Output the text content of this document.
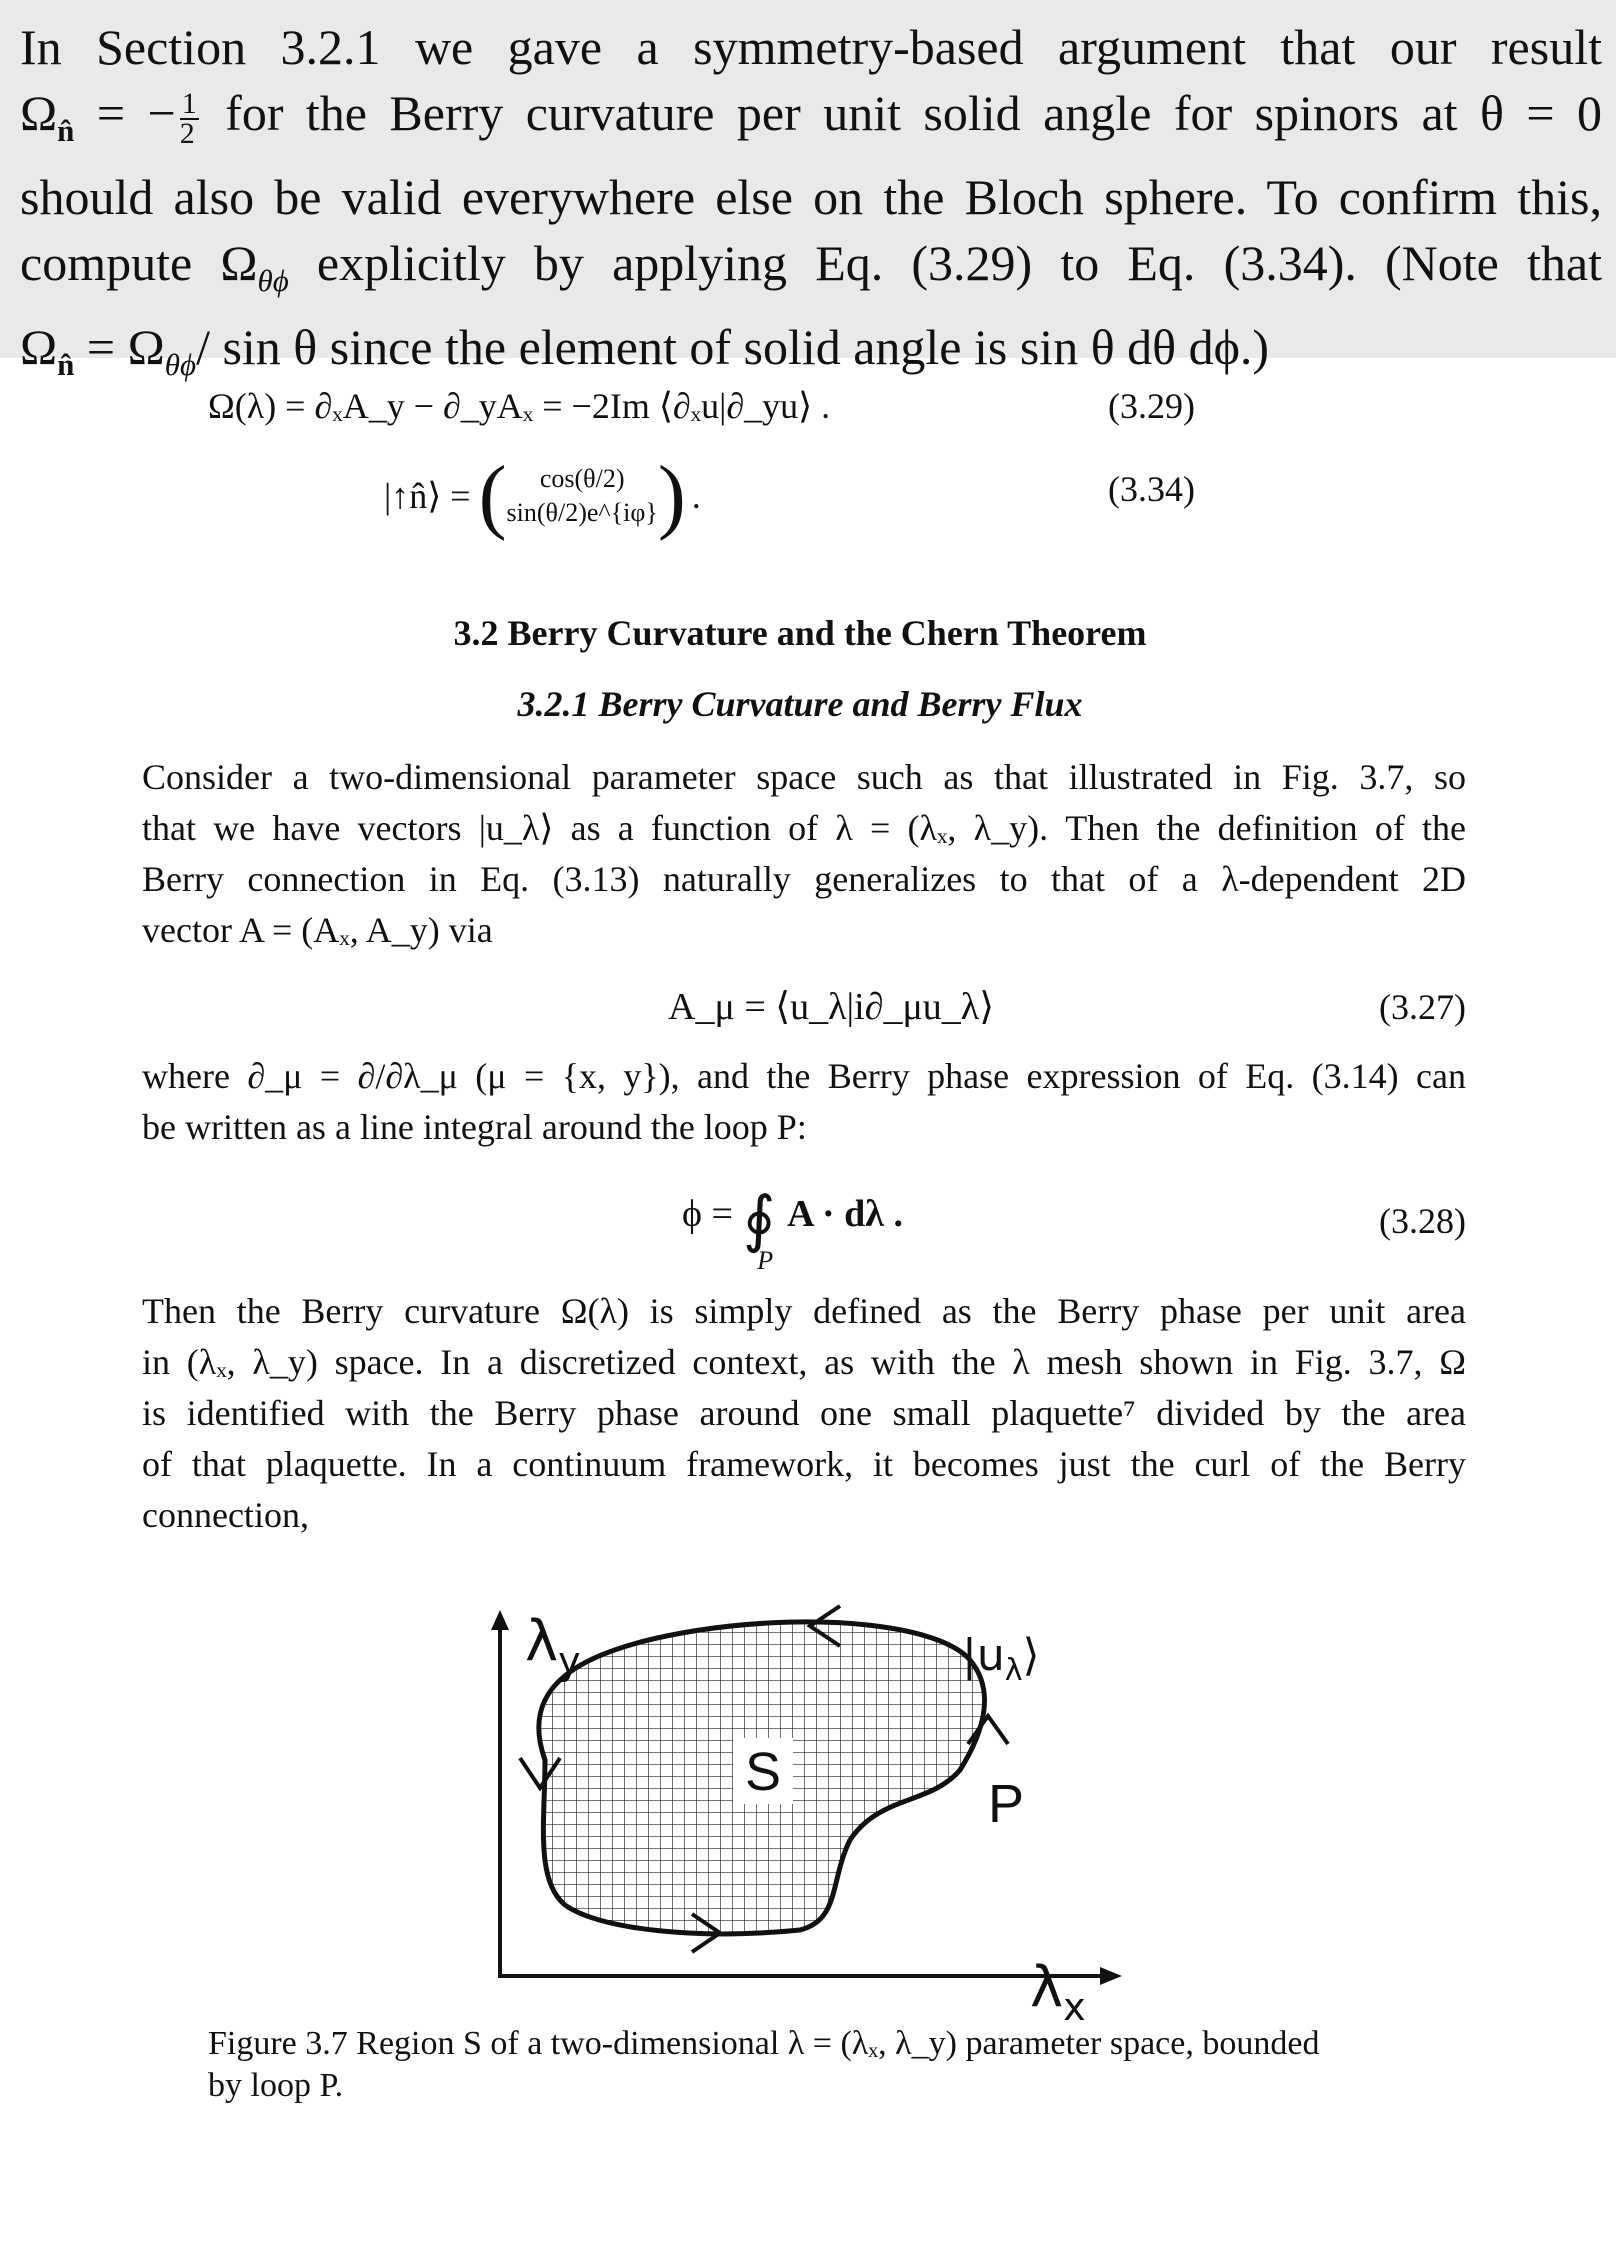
In Section 3.2.1 we gave a symmetry-based argument that our result
$\Omega_{n̂}$ = − $\frac{1}{2}$ for the Berry curvature per unit solid angle for spinors at θ = 0
should also be valid everywhere else on the Bloch sphere. To confirm this,
compute $\Omega_{\theta\phi}$ explicitly by applying Eq. (3.29) to Eq. (3.34). (Note that
$\Omega_{n̂} = \Omega_{\theta\phi}/$ sin θ since the element of solid angle is sin θ dθ dϕ.)
Ω(λ) = ∂ₓA_y − ∂_yAₓ = −2Im ⟨∂ₓu|∂_yu⟩ .	(3.29)
|↑n̂⟩ = (	cos(θ/2)
sin(θ/2)e^{iφ} ) .	(3.34)
3.2 Berry Curvature and the Chern Theorem
3.2.1 Berry Curvature and Berry Flux
Consider a two-dimensional parameter space such as that illustrated in Fig. 3.7, so
that we have vectors |u_λ⟩ as a function of λ = (λₓ, λ_y). Then the definition of the
Berry connection in Eq. (3.13) naturally generalizes to that of a λ-dependent 2D
vector A = (Aₓ, A_y) via
A_μ = ⟨u_λ|i∂_μu_λ⟩	(3.27)
where ∂_μ = ∂/∂λ_μ (μ = {x, y}), and the Berry phase expression of Eq. (3.14) can
be written as a line integral around the loop P:
ϕ = ∮
P
A · dλ .	(3.28)
Then the Berry curvature Ω(λ) is simply defined as the Berry phase per unit area
in (λₓ, λ_y) space. In a discretized context, as with the λ mesh shown in Fig. 3.7, Ω
is identified with the Berry phase around one small plaquette⁷ divided by the area
of that plaquette. In a continuum framework, it becomes just the curl of the Berry
connection,
$\lambda_y$
$\lambda_x$
$|u_\lambda⟩$
S
P
Figure 3.7 Region S of a two-dimensional λ = (λₓ, λ_y) parameter space, bounded
by loop P.
